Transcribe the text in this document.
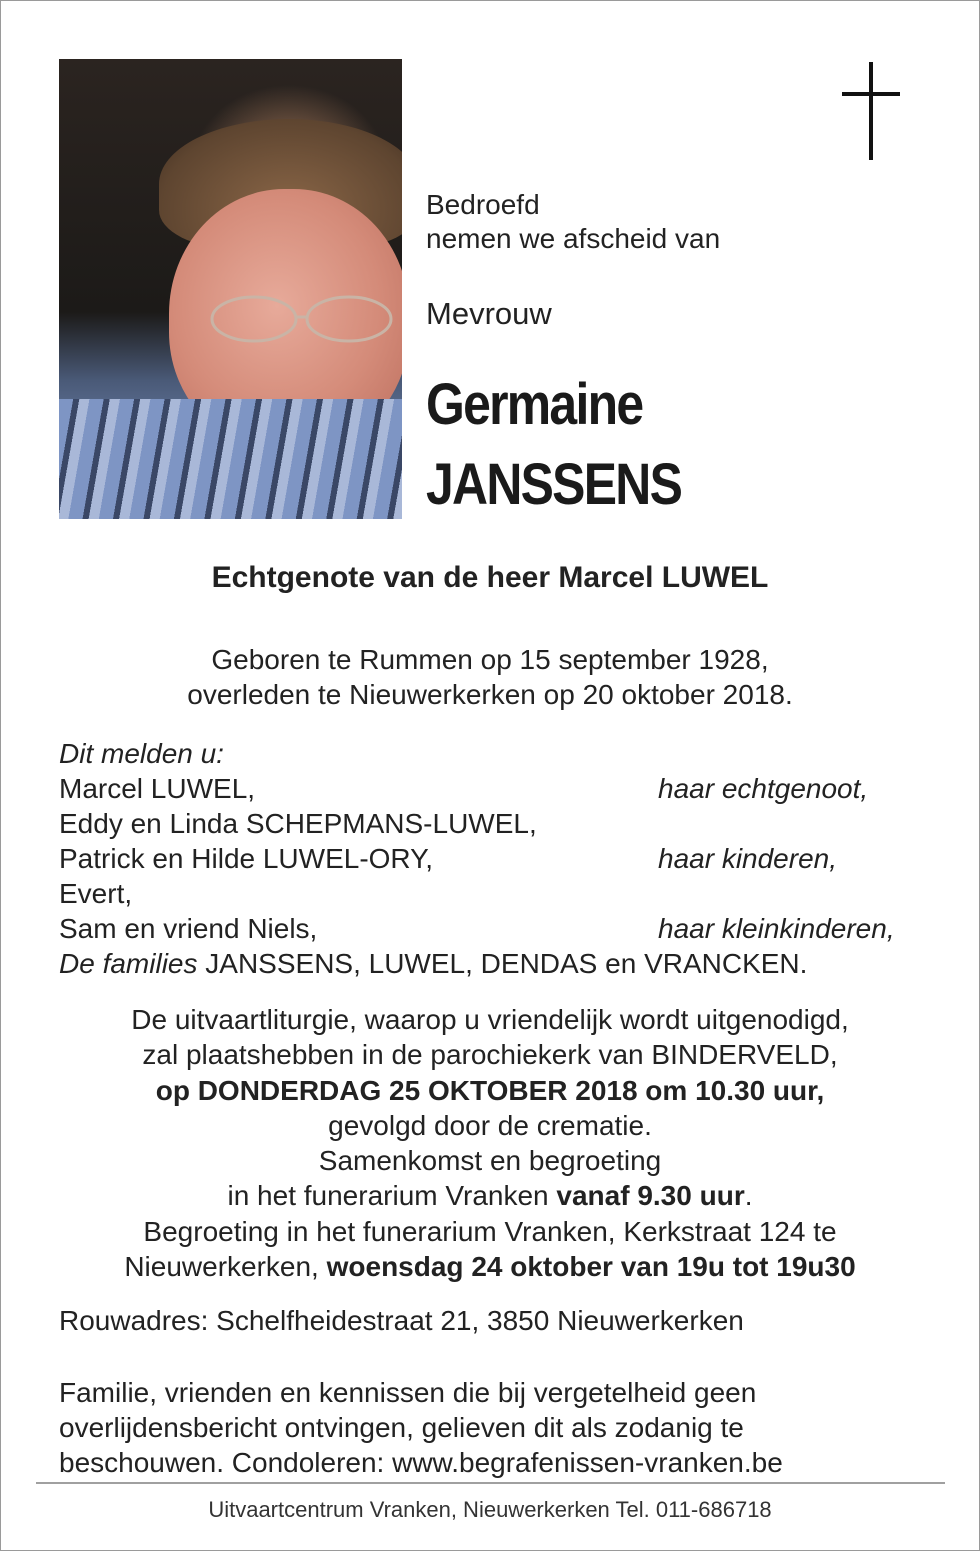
Bedroefd
nemen we afscheid van
Mevrouw
Germaine
JANSSENS
Echtgenote van de heer Marcel LUWEL
Geboren te Rummen op 15 september 1928,
overleden te Nieuwerkerken op 20 oktober 2018.
Dit melden u:
Marcel LUWEL,	haar echtgenoot,
Eddy en Linda SCHEPMANS-LUWEL,
Patrick en Hilde LUWEL-ORY,	haar kinderen,
Evert,
Sam en vriend Niels,	haar kleinkinderen,
De families JANSSENS, LUWEL, DENDAS en VRANCKEN.
De uitvaartliturgie, waarop u vriendelijk wordt uitgenodigd,
zal plaatshebben in de parochiekerk van BINDERVELD,
op DONDERDAG 25 OKTOBER 2018 om 10.30 uur,
gevolgd door de crematie.
Samenkomst en begroeting
in het funerarium Vranken vanaf 9.30 uur.
Begroeting in het funerarium Vranken, Kerkstraat 124 te
Nieuwerkerken, woensdag 24 oktober van 19u tot 19u30
Rouwadres: Schelfheidestraat 21, 3850 Nieuwerkerken
Familie, vrienden en kennissen die bij vergetelheid geen
overlijdensbericht ontvingen, gelieven dit als zodanig te
beschouwen. Condoleren: www.begrafenissen-vranken.be
Uitvaartcentrum Vranken, Nieuwerkerken Tel. 011-686718
